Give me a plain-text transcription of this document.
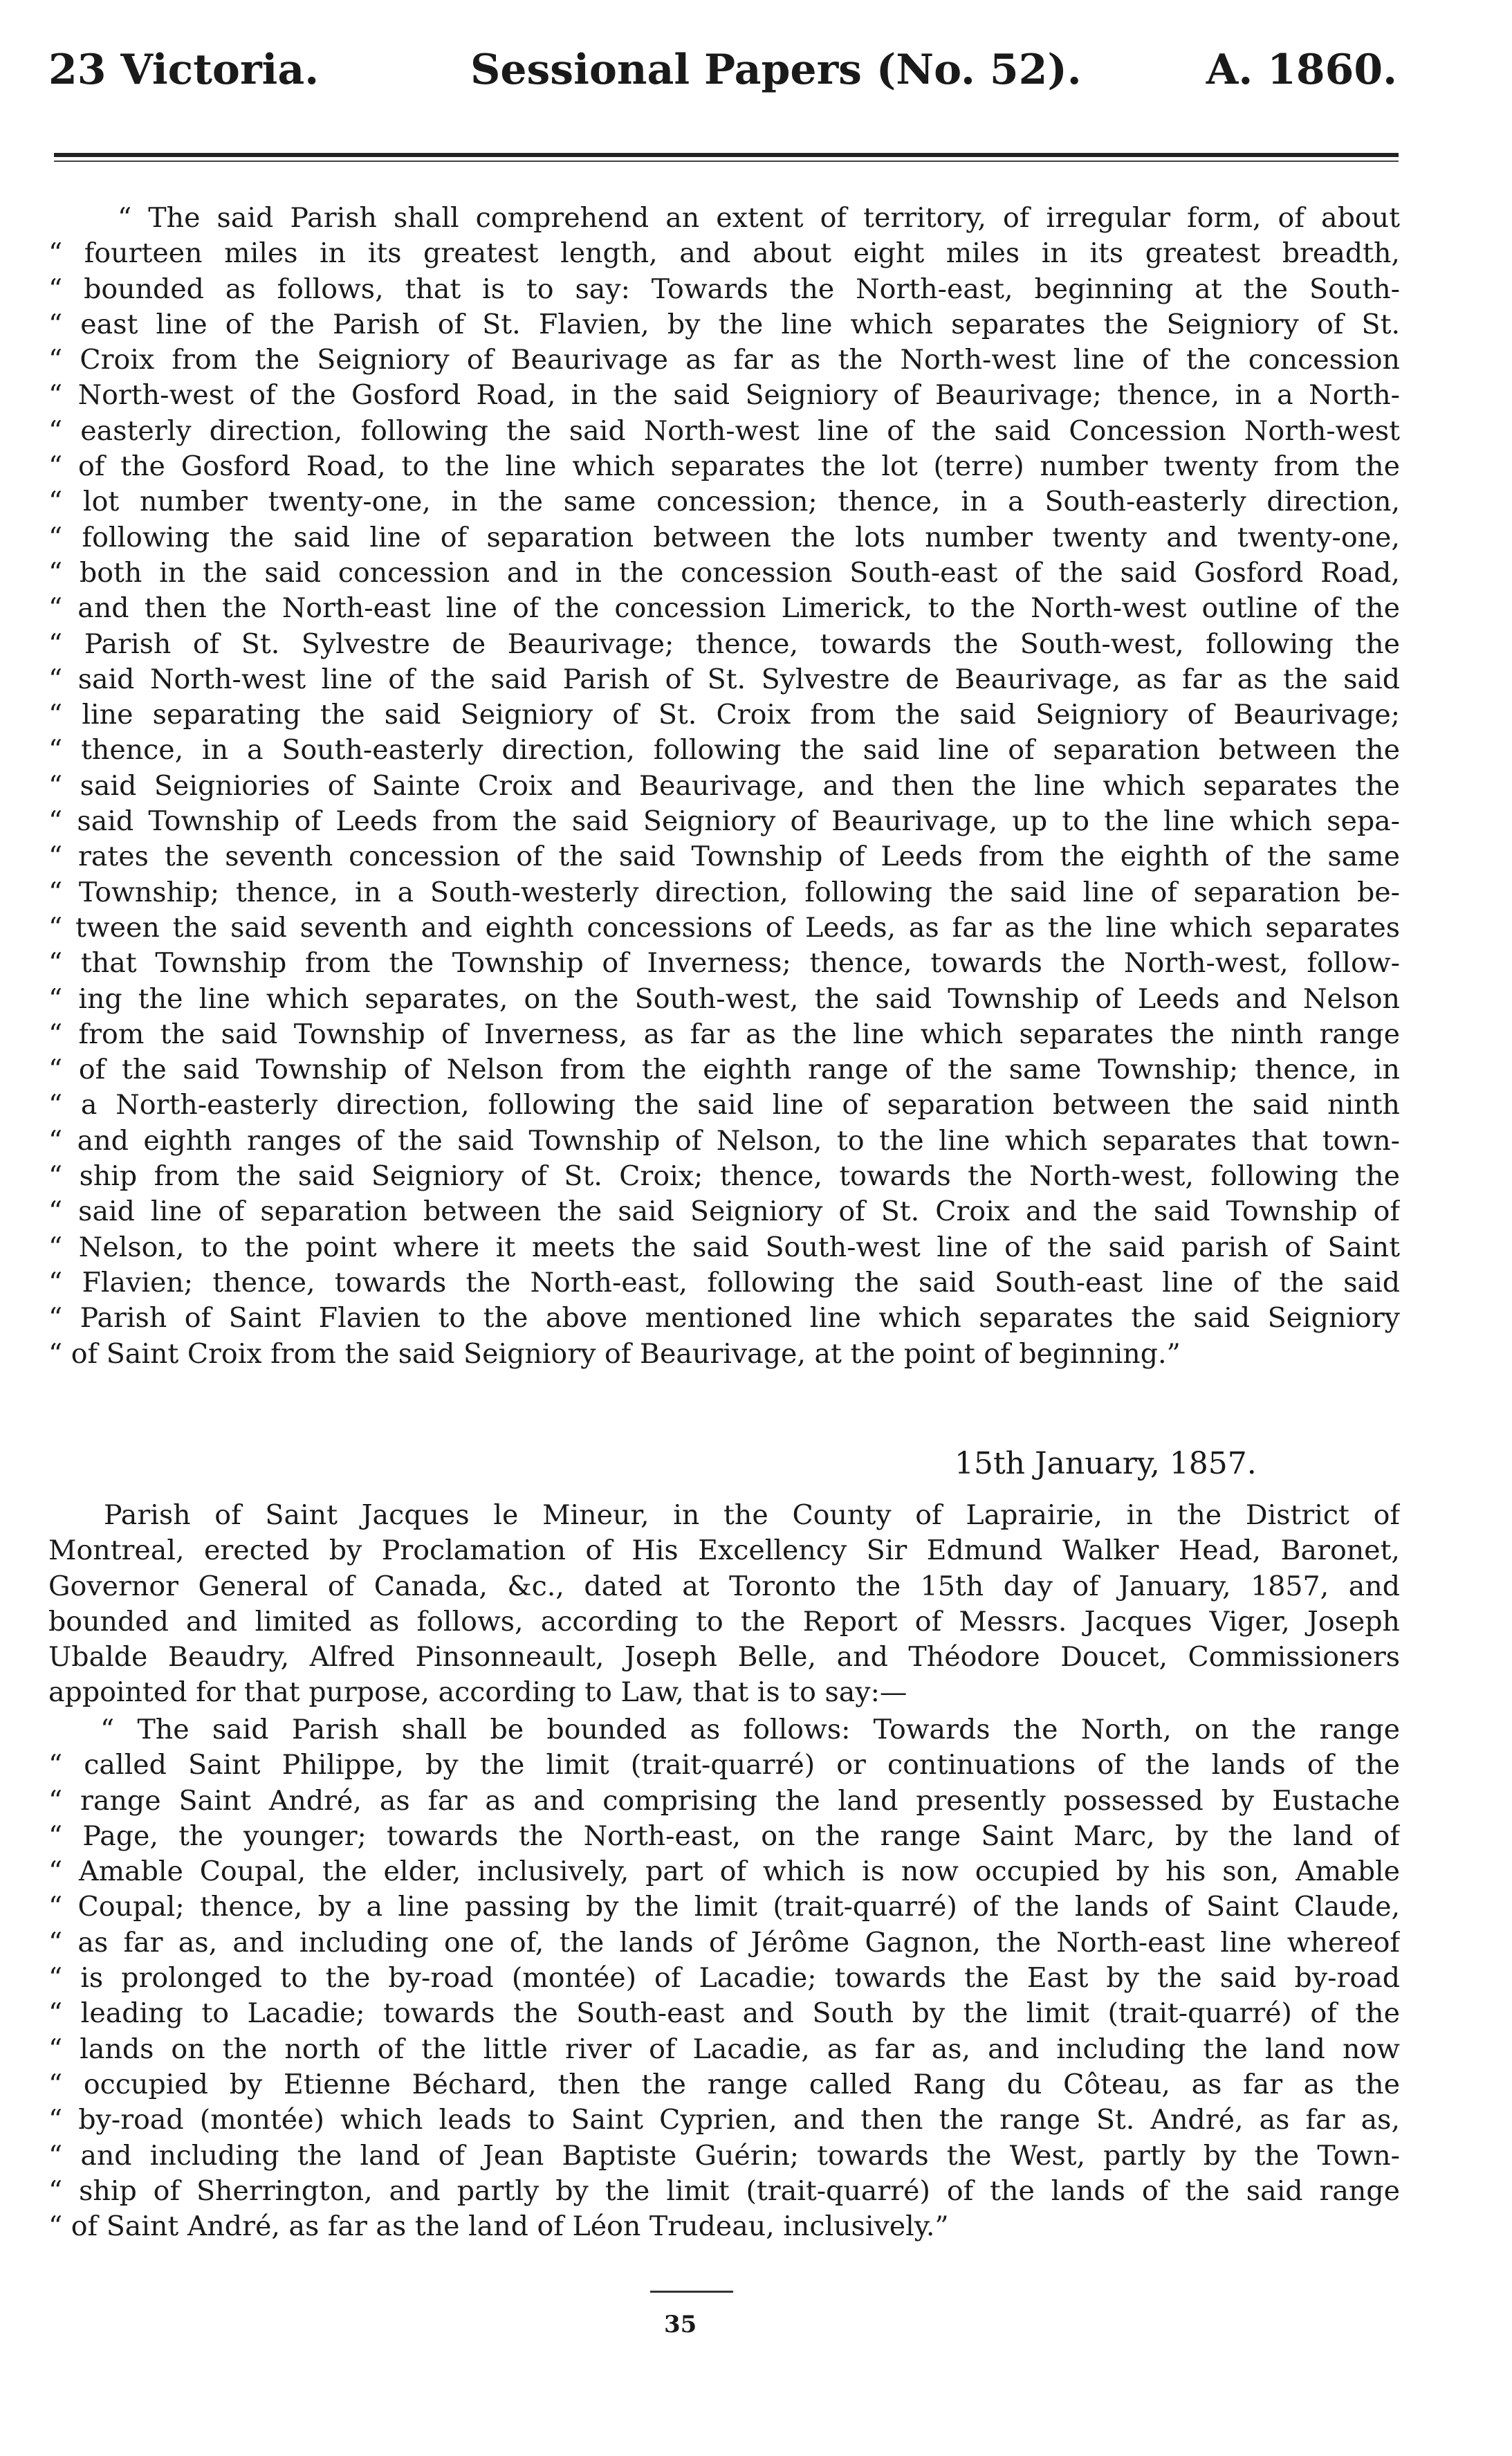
23 Victoria.	Sessional Papers (No. 52).	A. 1860.
“ The said Parish shall comprehend an extent of territory, of irregular form, of about
“ fourteen miles in its greatest length, and about eight miles in its greatest breadth,
“ bounded as follows, that is to say: Towards the North-east, beginning at the South-
“ east line of the Parish of St. Flavien, by the line which separates the Seigniory of St.
“ Croix from the Seigniory of Beaurivage as far as the North-west line of the concession
“ North-west of the Gosford Road, in the said Seigniory of Beaurivage; thence, in a North-
“ easterly direction, following the said North-west line of the said Concession North-west
“ of the Gosford Road, to the line which separates the lot (terre) number twenty from the
“ lot number twenty-one, in the same concession; thence, in a South-easterly direction,
“ following the said line of separation between the lots number twenty and twenty-one,
“ both in the said concession and in the concession South-east of the said Gosford Road,
“ and then the North-east line of the concession Limerick, to the North-west outline of the
“ Parish of St. Sylvestre de Beaurivage; thence, towards the South-west, following the
“ said North-west line of the said Parish of St. Sylvestre de Beaurivage, as far as the said
“ line separating the said Seigniory of St. Croix from the said Seigniory of Beaurivage;
“ thence, in a South-easterly direction, following the said line of separation between the
“ said Seigniories of Sainte Croix and Beaurivage, and then the line which separates the
“ said Township of Leeds from the said Seigniory of Beaurivage, up to the line which sepa-
“ rates the seventh concession of the said Township of Leeds from the eighth of the same
“ Township; thence, in a South-westerly direction, following the said line of separation be-
“ tween the said seventh and eighth concessions of Leeds, as far as the line which separates
“ that Township from the Township of Inverness; thence, towards the North-west, follow-
“ ing the line which separates, on the South-west, the said Township of Leeds and Nelson
“ from the said Township of Inverness, as far as the line which separates the ninth range
“ of the said Township of Nelson from the eighth range of the same Township; thence, in
“ a North-easterly direction, following the said line of separation between the said ninth
“ and eighth ranges of the said Township of Nelson, to the line which separates that town-
“ ship from the said Seigniory of St. Croix; thence, towards the North-west, following the
“ said line of separation between the said Seigniory of St. Croix and the said Township of
“ Nelson, to the point where it meets the said South-west line of the said parish of Saint
“ Flavien; thence, towards the North-east, following the said South-east line of the said
“ Parish of Saint Flavien to the above mentioned line which separates the said Seigniory
“ of Saint Croix from the said Seigniory of Beaurivage, at the point of beginning.”
15th January, 1857.
Parish of Saint Jacques le Mineur, in the County of Laprairie, in the District of
Montreal, erected by Proclamation of His Excellency Sir Edmund Walker Head, Baronet,
Governor General of Canada, &c., dated at Toronto the 15th day of January, 1857, and
bounded and limited as follows, according to the Report of Messrs. Jacques Viger, Joseph
Ubalde Beaudry, Alfred Pinsonneault, Joseph Belle, and Théodore Doucet, Commissioners
appointed for that purpose, according to Law, that is to say:—
“ The said Parish shall be bounded as follows: Towards the North, on the range
“ called Saint Philippe, by the limit (trait-quarré) or continuations of the lands of the
“ range Saint André, as far as and comprising the land presently possessed by Eustache
“ Page, the younger; towards the North-east, on the range Saint Marc, by the land of
“ Amable Coupal, the elder, inclusively, part of which is now occupied by his son, Amable
“ Coupal; thence, by a line passing by the limit (trait-quarré) of the lands of Saint Claude,
“ as far as, and including one of, the lands of Jérôme Gagnon, the North-east line whereof
“ is prolonged to the by-road (montée) of Lacadie; towards the East by the said by-road
“ leading to Lacadie; towards the South-east and South by the limit (trait-quarré) of the
“ lands on the north of the little river of Lacadie, as far as, and including the land now
“ occupied by Etienne Béchard, then the range called Rang du Côteau, as far as the
“ by-road (montée) which leads to Saint Cyprien, and then the range St. André, as far as,
“ and including the land of Jean Baptiste Guérin; towards the West, partly by the Town-
“ ship of Sherrington, and partly by the limit (trait-quarré) of the lands of the said range
“ of Saint André, as far as the land of Léon Trudeau, inclusively.”
35
